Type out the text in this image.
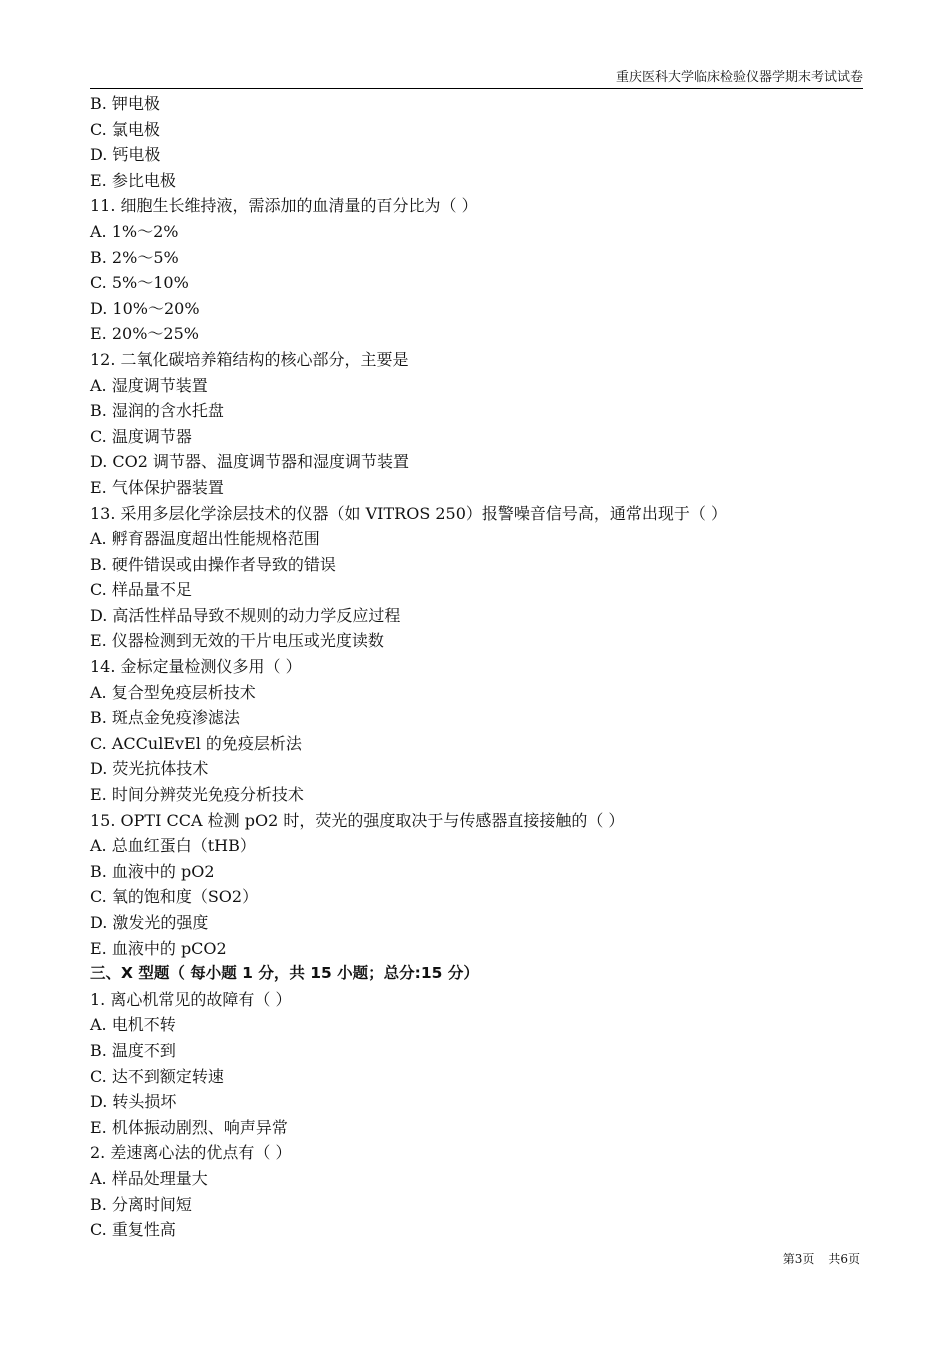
重庆医科大学临床检验仪器学期末考试试卷
B. 钾电极
C. 氯电极
D. 钙电极
E. 参比电极
11. 细胞生长维持液，需添加的血清量的百分比为（ ）
A. 1%～2%
B. 2%～5%
C. 5%～10%
D. 10%～20%
E. 20%～25%
12. 二氧化碳培养箱结构的核心部分，主要是
A. 湿度调节装置
B. 湿润的含水托盘
C. 温度调节器
D. CO2 调节器、温度调节器和湿度调节装置
E. 气体保护器装置
13. 采用多层化学涂层技术的仪器（如 VITROS 250）报警噪音信号高，通常出现于（ ）
A. 孵育器温度超出性能规格范围
B. 硬件错误或由操作者导致的错误
C. 样品量不足
D. 高活性样品导致不规则的动力学反应过程
E. 仪器检测到无效的干片电压或光度读数
14. 金标定量检测仪多用（ ）
A. 复合型免疫层析技术
B. 斑点金免疫渗滤法
C. ACCulEvEl 的免疫层析法
D. 荧光抗体技术
E. 时间分辨荧光免疫分析技术
15. OPTI CCA 检测 pO2 时，荧光的强度取决于与传感器直接接触的（ ）
A. 总血红蛋白（tHB）
B. 血液中的 pO2
C. 氧的饱和度（SO2）
D. 激发光的强度
E. 血液中的 pCO2
三、X 型题（ 每小题 1 分，共 15 小题；总分:15 分）
1. 离心机常见的故障有（ ）
A. 电机不转
B. 温度不到
C. 达不到额定转速
D. 转头损坏
E. 机体振动剧烈、响声异常
2. 差速离心法的优点有（ ）
A. 样品处理量大
B. 分离时间短
C. 重复性高
第3页 共6页
